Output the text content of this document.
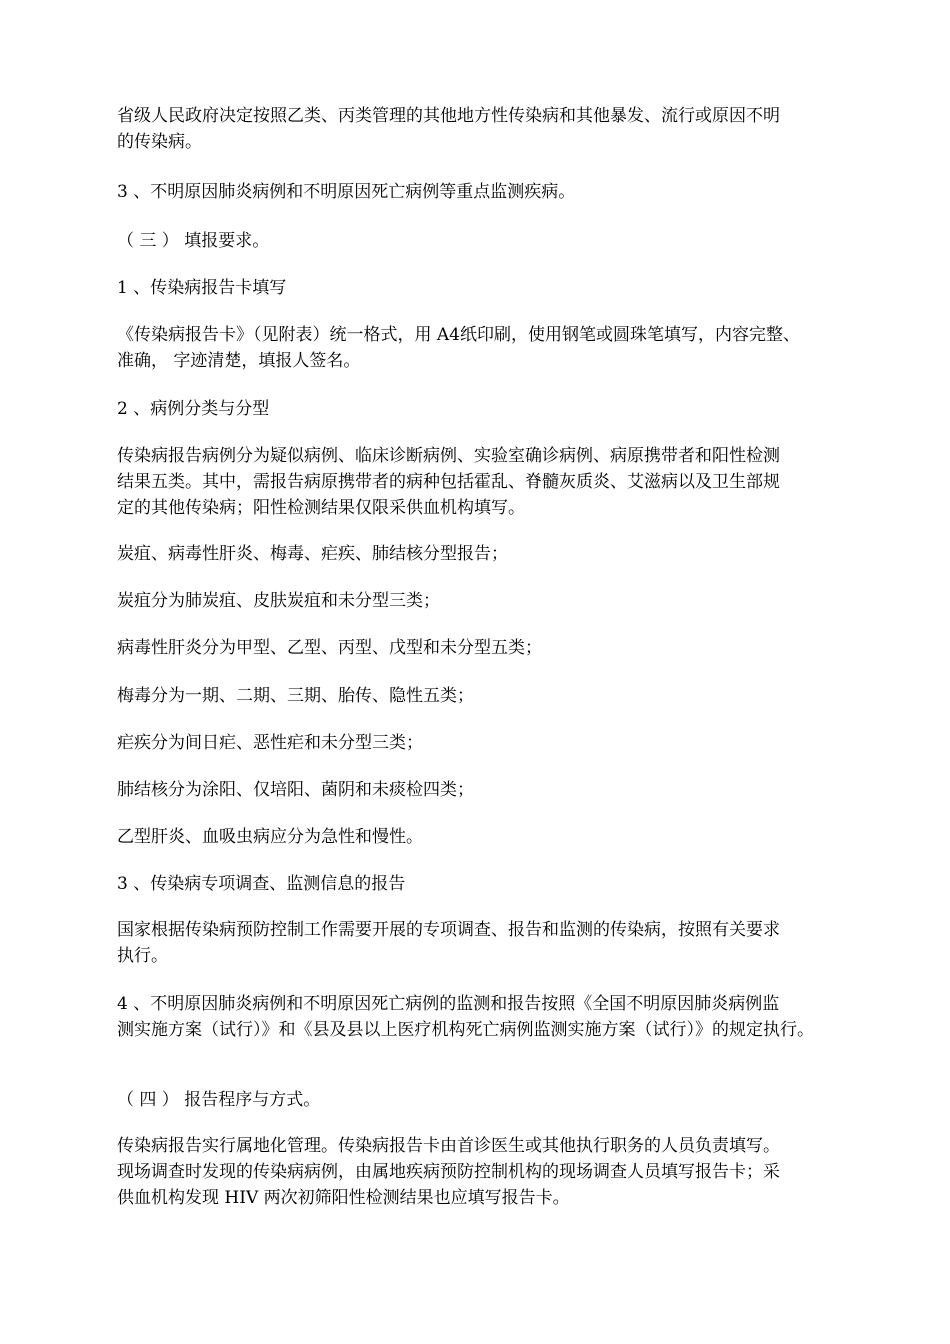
省级人民政府决定按照乙类、丙类管理的其他地方性传染病和其他暴发、流行或原因不明
的传染病。

3 、不明原因肺炎病例和不明原因死亡病例等重点监测疾病。

（ 三 ） 填报要求。

1 、传染病报告卡填写

《传染病报告卡》（见附表）统一格式，用 A4纸印刷，使用钢笔或圆珠笔填写，内容完整、
准确， 字迹清楚，填报人签名。

2 、病例分类与分型

传染病报告病例分为疑似病例、临床诊断病例、实验室确诊病例、病原携带者和阳性检测
结果五类。其中，需报告病原携带者的病种包括霍乱、脊髓灰质炎、艾滋病以及卫生部规
定的其他传染病；阳性检测结果仅限采供血机构填写。

炭疽、病毒性肝炎、梅毒、疟疾、肺结核分型报告；

炭疽分为肺炭疽、皮肤炭疽和未分型三类；

病毒性肝炎分为甲型、乙型、丙型、戊型和未分型五类；

梅毒分为一期、二期、三期、胎传、隐性五类；

疟疾分为间日疟、恶性疟和未分型三类；

肺结核分为涂阳、仅培阳、菌阴和未痰检四类；

乙型肝炎、血吸虫病应分为急性和慢性。

3 、传染病专项调查、监测信息的报告

国家根据传染病预防控制工作需要开展的专项调查、报告和监测的传染病，按照有关要求
执行。

4 、不明原因肺炎病例和不明原因死亡病例的监测和报告按照《全国不明原因肺炎病例监
测实施方案（试行）》和《县及县以上医疗机构死亡病例监测实施方案（试行）》的规定执行。

（ 四 ） 报告程序与方式。

传染病报告实行属地化管理。传染病报告卡由首诊医生或其他执行职务的人员负责填写。
现场调查时发现的传染病病例，由属地疾病预防控制机构的现场调查人员填写报告卡；采
供血机构发现 HIV 两次初筛阳性检测结果也应填写报告卡。
